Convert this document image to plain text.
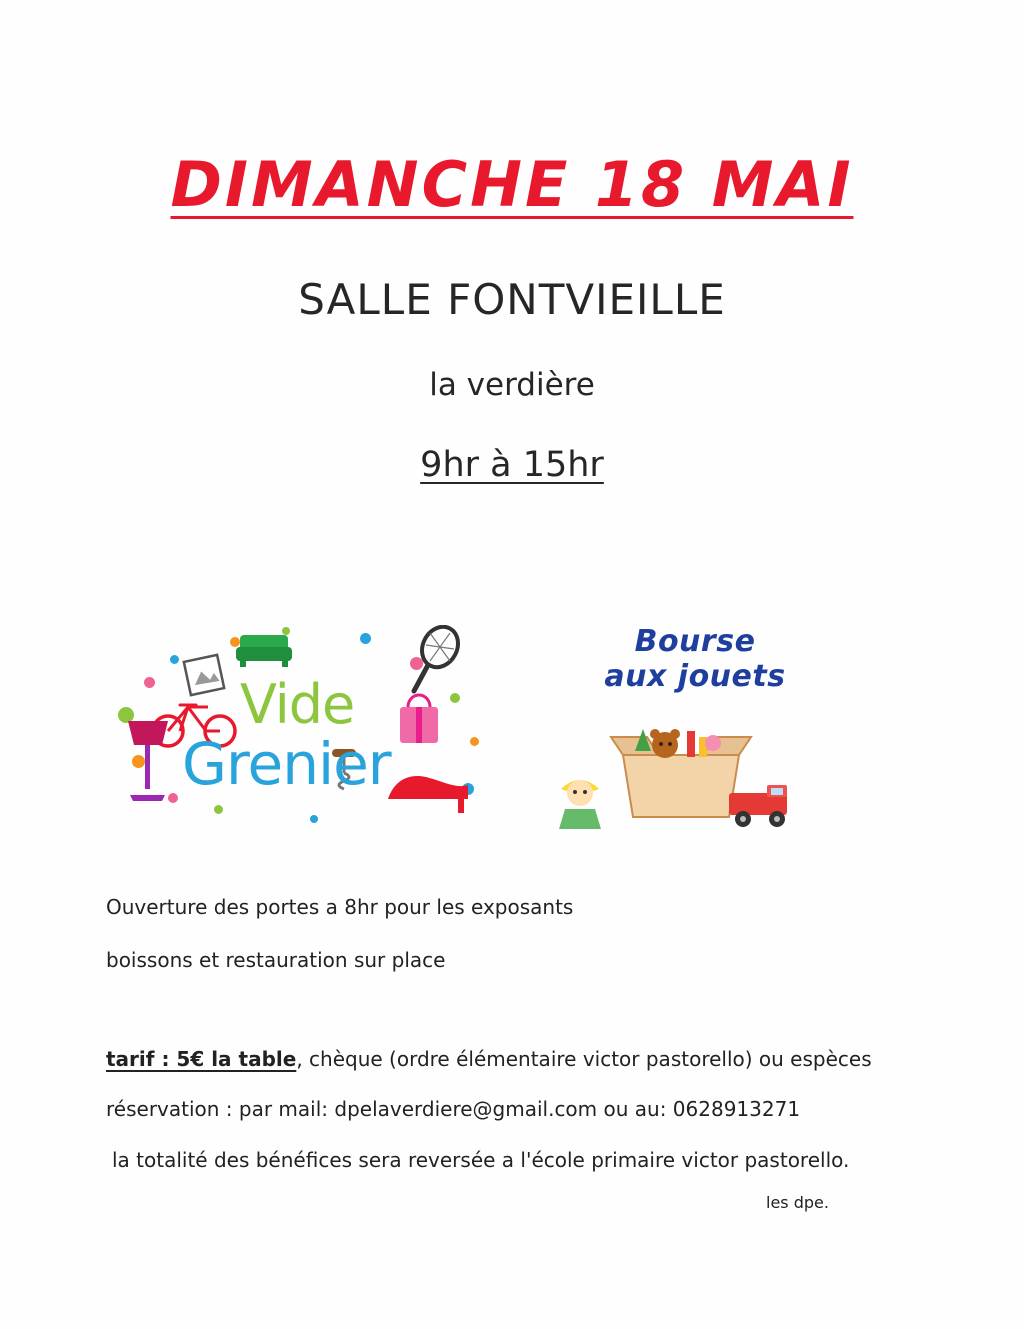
DIMANCHE 18 MAI
SALLE FONTVIEILLE
la verdière
9hr à 15hr
Vide
Grenier
Bourse
aux jouets
Ouverture des portes a 8hr pour les exposants
boissons et restauration sur place
tarif : 5€ la table, chèque (ordre élémentaire victor pastorello) ou espèces
réservation : par mail: dpelaverdiere@gmail.com ou au: 0628913271
la totalité des bénéfices sera reversée a l'école primaire victor pastorello.
les dpe.
